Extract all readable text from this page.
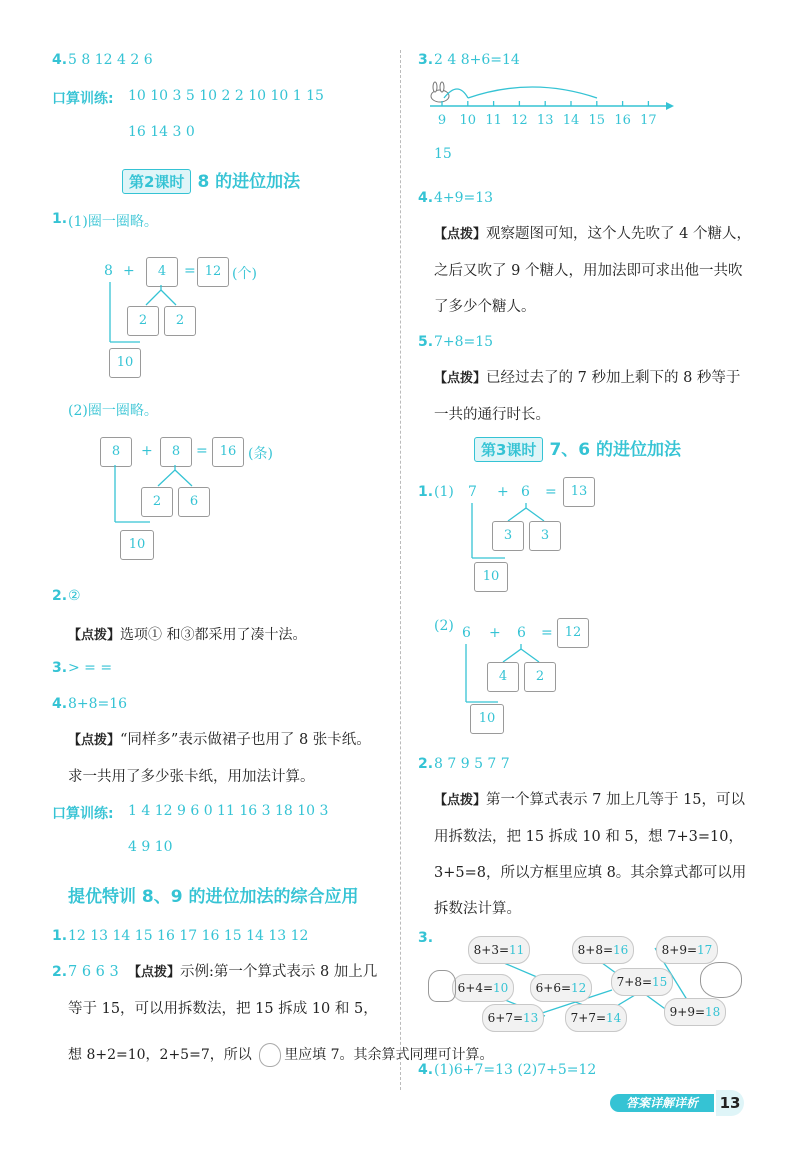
4. 5 8 12 4 2 6
口算训练: 10 10 3 5 10 2 2 10 10 1 15
16 14 3 0
第2课时 8 的进位加法
1. (1)圈一圈略。
8 +	4	= 12 (个)
2	2
10
(2)圈一圈略。
8	+	8	= 16 (条)
2	6
10
2. ②
【点拨】选项① 和③都采用了凑十法。
3. > = =
4. 8+8=16
【点拨】“同样多”表示做裙子也用了 8 张卡纸。求一共用了多少张卡纸，用加法计算。
口算训练: 1 4 12 9 6 0 11 16 3 18 10 3
4 9 10
提优特训 8、9 的进位加法的综合应用
1. 12 13 14 15 16 17 16 15 14 13 12
2. 7 6 6 3 【点拨】示例:第一个算式表示 8 加上几等于 15，可以用拆数法，把 15 拆成 10 和 5，
想 8+2=10，2+5=7，所以 里应填 7。其余算式同理可计算。
3. 2 4 8+6=14
9 10 11 12 13 14 15 16 17
15
4. 4+9=13
【点拨】观察题图可知，这个人先吹了 4 个糖人，之后又吹了 9 个糖人，用加法即可求出他一共吹了多少个糖人。
5. 7+8=15
【点拨】已经过去了的 7 秒加上剩下的 8 秒等于一共的通行时长。
第3课时 7、6 的进位加法
1. (1) 7 + 6 =	13
3	3
10
(2) 6 + 6 = 12
4	2
10
2. 8 7 9 5 7 7
【点拨】第一个算式表示 7 加上几等于 15，可以用拆数法，把 15 拆成 10 和 5，想 7+3=10，3+5=8，所以方框里应填 8。其余算式都可以用拆数法计算。
3.
8+3=11	8+8=16	8+9=17
6+4=10	6+6=12	7+8=15
6+7=13	7+7=14	9+9=18
4. (1)6+7=13 (2)7+5=12
答案详解详析	13
